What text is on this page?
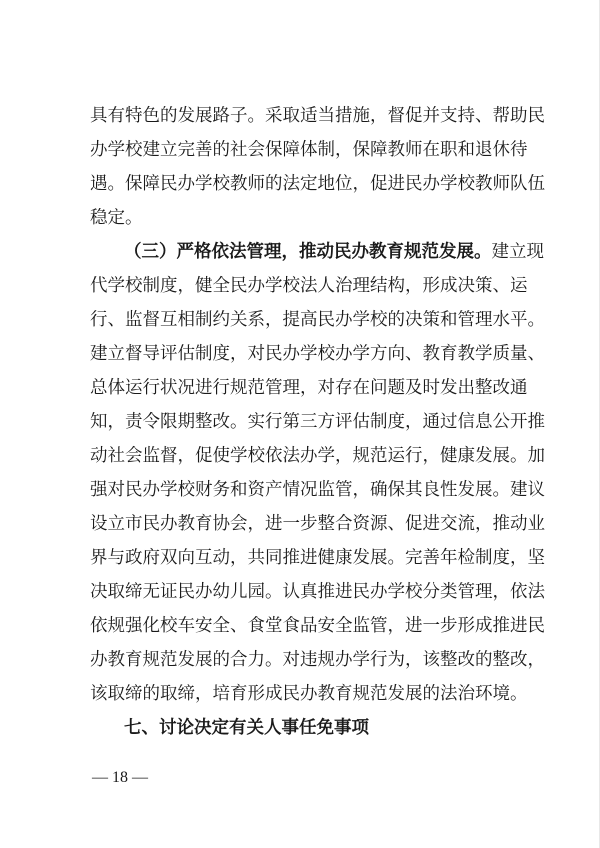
具有特色的发展路子。采取适当措施，督促并支持、帮助民
办学校建立完善的社会保障体制，保障教师在职和退休待
遇。保障民办学校教师的法定地位，促进民办学校教师队伍
稳定。
（三）严格依法管理，推动民办教育规范发展。建立现
代学校制度，健全民办学校法人治理结构，形成决策、运
行、监督互相制约关系，提高民办学校的决策和管理水平。
建立督导评估制度，对民办学校办学方向、教育教学质量、
总体运行状况进行规范管理，对存在问题及时发出整改通
知，责令限期整改。实行第三方评估制度，通过信息公开推
动社会监督，促使学校依法办学，规范运行，健康发展。加
强对民办学校财务和资产情况监管，确保其良性发展。建议
设立市民办教育协会，进一步整合资源、促进交流，推动业
界与政府双向互动，共同推进健康发展。完善年检制度，坚
决取缔无证民办幼儿园。认真推进民办学校分类管理，依法
依规强化校车安全、食堂食品安全监管，进一步形成推进民
办教育规范发展的合力。对违规办学行为，该整改的整改，
该取缔的取缔，培育形成民办教育规范发展的法治环境。
七、讨论决定有关人事任免事项
— 18 —
